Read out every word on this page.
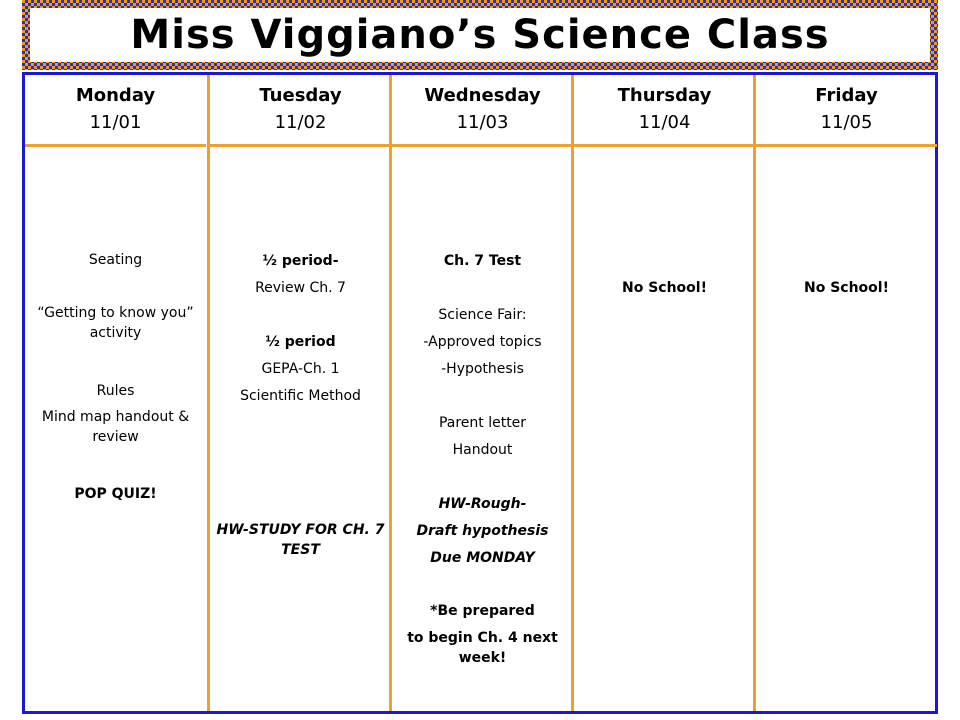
Miss Viggiano’s Science Class
Monday
11/01
Seating
“Getting to know you” activity
Rules
Mind map handout & review
POP QUIZ!
Tuesday
11/02
½ period-
Review Ch. 7
½ period
GEPA-Ch. 1
Scientific Method
HW-STUDY FOR CH. 7 TEST
Wednesday
11/03
Ch. 7 Test
Science Fair:
-Approved topics
-Hypothesis
Parent letter
Handout
HW-Rough-
Draft hypothesis
Due MONDAY
*Be prepared
to begin Ch. 4 next week!
Thursday
11/04
No School!
Friday
11/05
No School!
